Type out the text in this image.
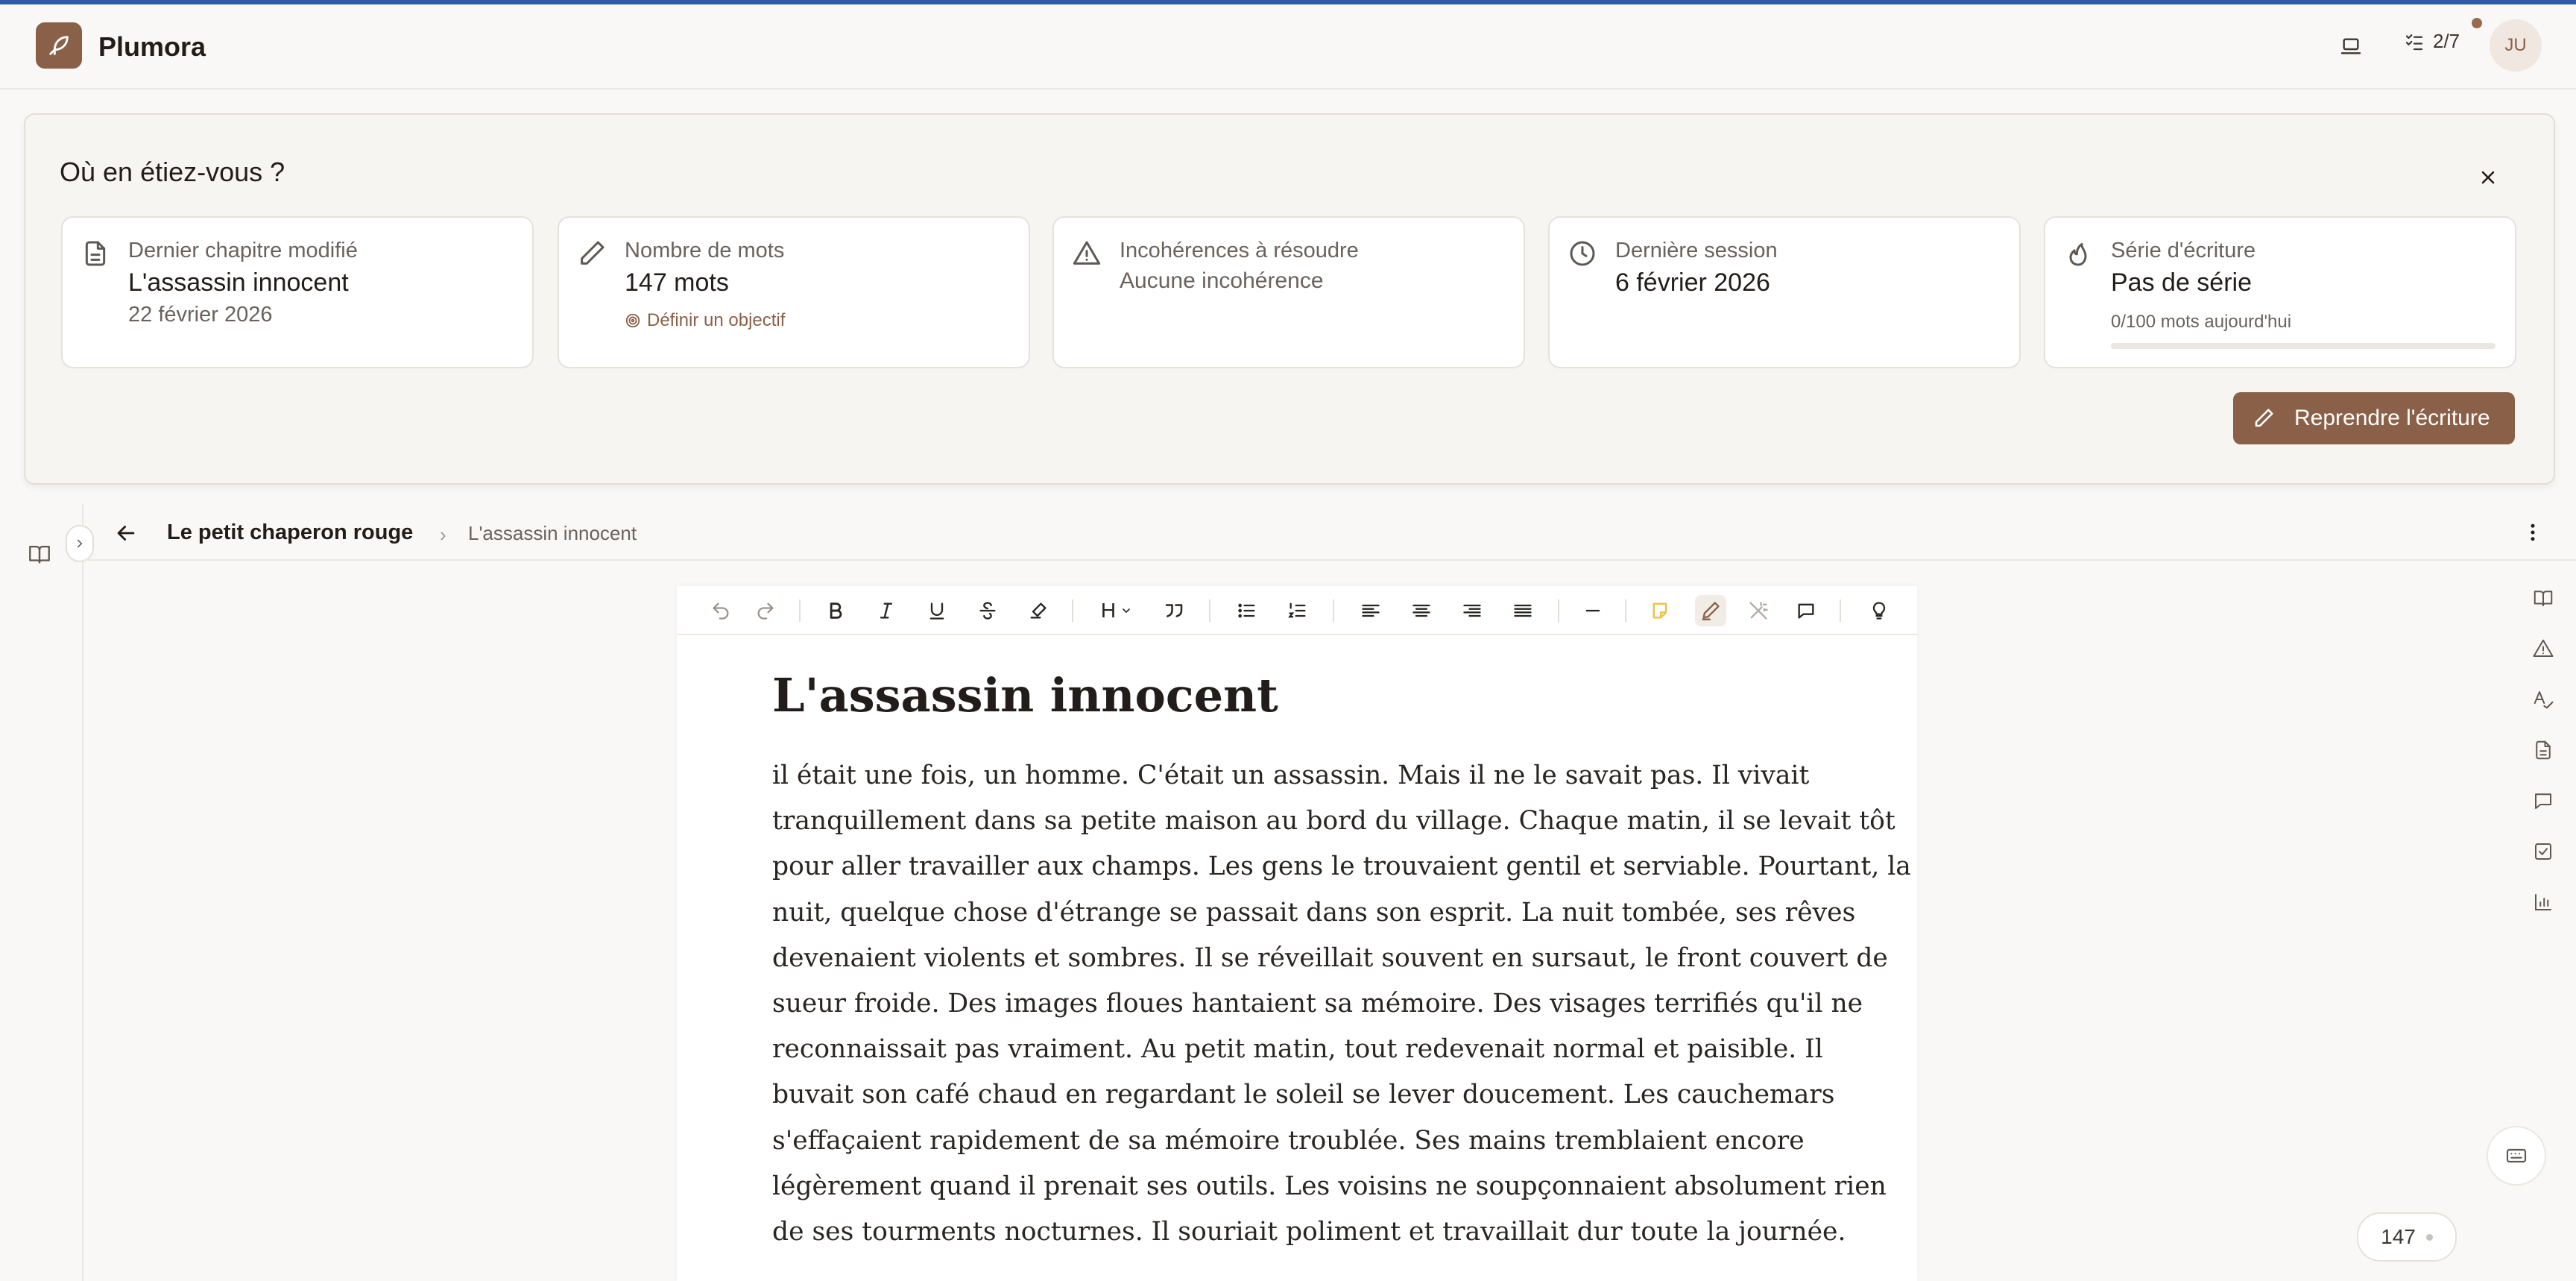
Plumora	2/7	JU
Où en étiez-vous ?
Dernier chapitre modifié
L'assassin innocent
22 février 2026
Nombre de mots
147 mots
Définir un objectif
Incohérences à résoudre
Aucune incohérence
Dernière session
6 février 2026
Série d'écriture
Pas de série
0/100 mots aujourd'hui
Reprendre l'écriture
Le petit chaperon rouge › L'assassin innocent
H
L'assassin innocent
il était une fois, un homme. C'était un assassin. Mais il ne le savait pas. Il vivait
tranquillement dans sa petite maison au bord du village. Chaque matin, il se levait tôt
pour aller travailler aux champs. Les gens le trouvaient gentil et serviable. Pourtant, la
nuit, quelque chose d'étrange se passait dans son esprit. La nuit tombée, ses rêves
devenaient violents et sombres. Il se réveillait souvent en sursaut, le front couvert de
sueur froide. Des images floues hantaient sa mémoire. Des visages terrifiés qu'il ne
reconnaissait pas vraiment. Au petit matin, tout redevenait normal et paisible. Il
buvait son café chaud en regardant le soleil se lever doucement. Les cauchemars
s'effaçaient rapidement de sa mémoire troublée. Ses mains tremblaient encore
légèrement quand il prenait ses outils. Les voisins ne soupçonnaient absolument rien
de ses tourments nocturnes. Il souriait poliment et travaillait dur toute la journée.	147
